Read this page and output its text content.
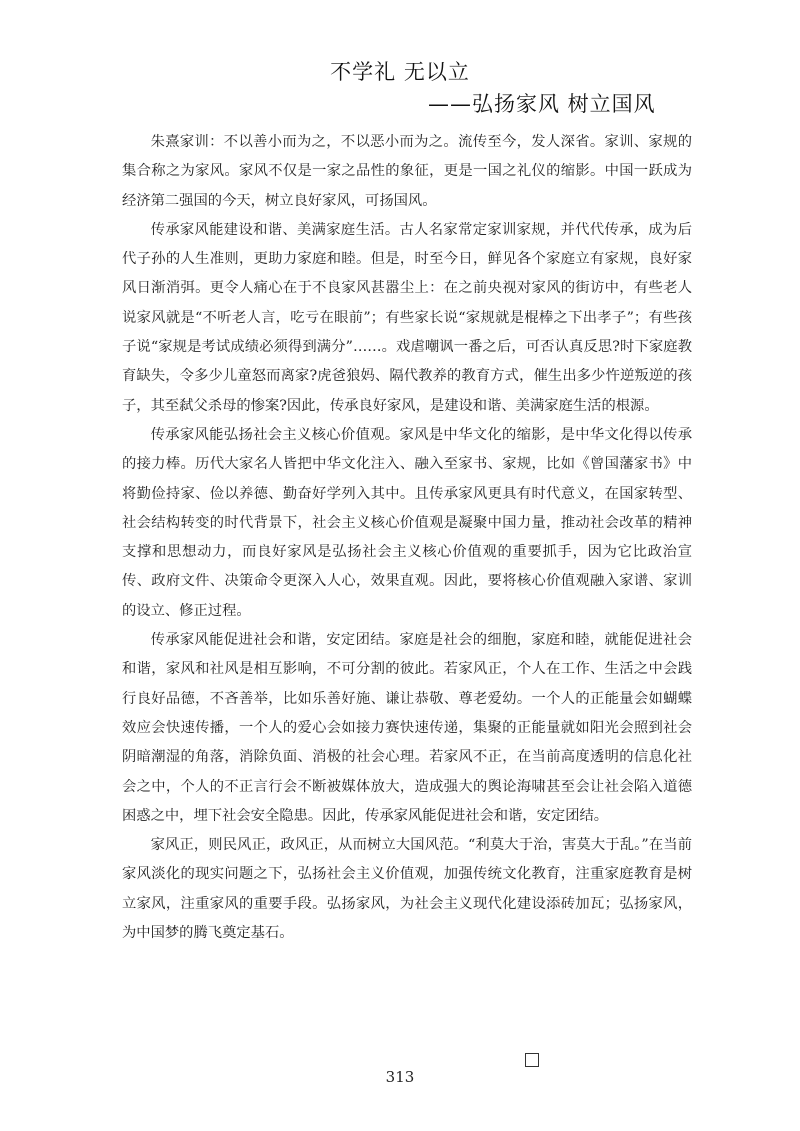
不学礼 无以立
——弘扬家风 树立国风

朱熹家训：不以善小而为之，不以恶小而为之。流传至今，发人深省。家训、家规的集合称之为家风。家风不仅是一家之品性的象征，更是一国之礼仪的缩影。中国一跃成为经济第二强国的今天，树立良好家风，可扬国风。

传承家风能建设和谐、美满家庭生活。古人名家常定家训家规，并代代传承，成为后代子孙的人生准则，更助力家庭和睦。但是，时至今日，鲜见各个家庭立有家规，良好家风日渐消弭。更令人痛心在于不良家风甚嚣尘上：在之前央视对家风的街访中，有些老人说家风就是“不听老人言，吃亏在眼前”；有些家长说“家规就是棍棒之下出孝子”；有些孩子说“家规是考试成绩必须得到满分”……。戏虐嘲讽一番之后，可否认真反思?时下家庭教育缺失，令多少儿童怒而离家?虎爸狼妈、隔代教养的教育方式，催生出多少忤逆叛逆的孩子，其至弑父杀母的惨案?因此，传承良好家风，是建设和谐、美满家庭生活的根源。

传承家风能弘扬社会主义核心价值观。家风是中华文化的缩影，是中华文化得以传承的接力棒。历代大家名人皆把中华文化注入、融入至家书、家规，比如《曾国藩家书》中将勤俭持家、俭以养德、勤奋好学列入其中。且传承家风更具有时代意义，在国家转型、社会结构转变的时代背景下，社会主义核心价值观是凝聚中国力量，推动社会改革的精神支撑和思想动力，而良好家风是弘扬社会主义核心价值观的重要抓手，因为它比政治宣传、政府文件、决策命令更深入人心，效果直观。因此，要将核心价值观融入家谱、家训的设立、修正过程。

传承家风能促进社会和谐，安定团结。家庭是社会的细胞，家庭和睦，就能促进社会和谐，家风和社风是相互影响，不可分割的彼此。若家风正，个人在工作、生活之中会践行良好品德，不吝善举，比如乐善好施、谦让恭敬、尊老爱幼。一个人的正能量会如蝴蝶效应会快速传播，一个人的爱心会如接力赛快速传递，集聚的正能量就如阳光会照到社会阴暗潮湿的角落，消除负面、消极的社会心理。若家风不正，在当前高度透明的信息化社会之中，个人的不正言行会不断被媒体放大，造成强大的舆论海啸甚至会让社会陷入道德困惑之中，埋下社会安全隐患。因此，传承家风能促进社会和谐，安定团结。

家风正，则民风正，政风正，从而树立大国风范。“利莫大于治，害莫大于乱。”在当前家风淡化的现实问题之下，弘扬社会主义价值观，加强传统文化教育，注重家庭教育是树立家风，注重家风的重要手段。弘扬家风，为社会主义现代化建设添砖加瓦；弘扬家风，为中国梦的腾飞奠定基石。

313
